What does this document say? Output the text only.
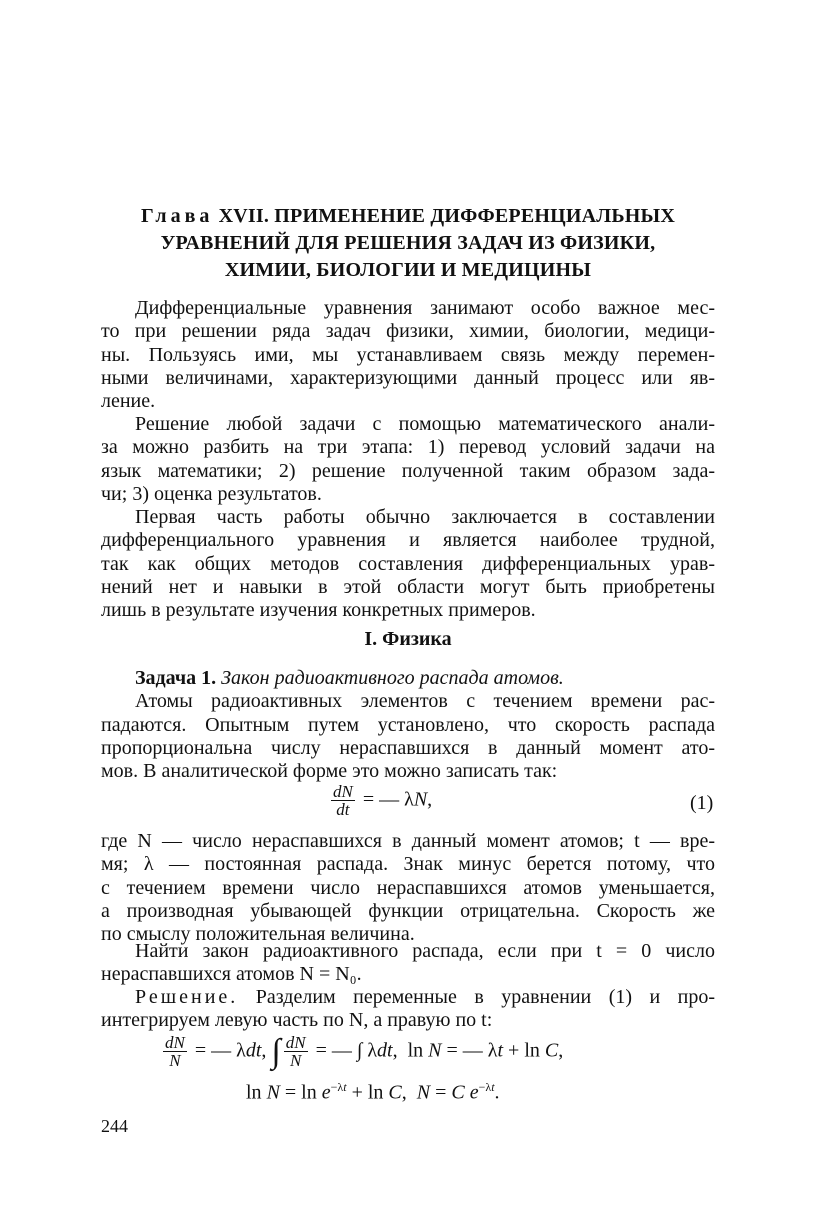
Глава XVII. ПРИМЕНЕНИЕ ДИФФЕРЕНЦИАЛЬНЫХ
УРАВНЕНИЙ ДЛЯ РЕШЕНИЯ ЗАДАЧ ИЗ ФИЗИКИ,
ХИМИИ, БИОЛОГИИ И МЕДИЦИНЫ
Дифференциальные уравнения занимают особо важное мес-
то при решении ряда задач физики, химии, биологии, медици-
ны. Пользуясь ими, мы устанавливаем связь между перемен-
ными величинами, характеризующими данный процесс или яв-
ление.
Решение любой задачи с помощью математического анали-
за можно разбить на три этапа: 1) перевод условий задачи на
язык математики; 2) решение полученной таким образом зада-
чи; 3) оценка результатов.
Первая часть работы обычно заключается в составлении
дифференциального уравнения и является наиболее трудной,
так как общих методов составления дифференциальных урав-
нений нет и навыки в этой области могут быть приобретены
лишь в результате изучения конкретных примеров.
I. Физика
Задача 1. Закон радиоактивного распада атомов.
Атомы радиоактивных элементов с течением времени рас-
падаются. Опытным путем установлено, что скорость распада
пропорциональна числу нераспавшихся в данный момент ато-
мов. В аналитической форме это можно записать так:
$\frac{dN}{dt}$ = — λN,	(1)
где N — число нераспавшихся в данный момент атомов; t — вре-
мя; λ — постоянная распада. Знак минус берется потому, что
с течением времени число нераспавшихся атомов уменьшается,
а производная убывающей функции отрицательна. Скорость же
по смыслу положительная величина.
Найти закон радиоактивного распада, если при t = 0 число
нераспавшихся атомов N = N₀.
Решение. Разделим переменные в уравнении (1) и про-
интегрируем левую часть по N, а правую по t:
$\frac{dN}{N}$ = — λdt, ∫ $\frac{dN}{N}$ = — ∫ λdt,  ln N = — λt + ln C,
$\ln N = \ln e^{-\lambda t} + \ln C$,  N = C $e^{-\lambda t}$.
244
